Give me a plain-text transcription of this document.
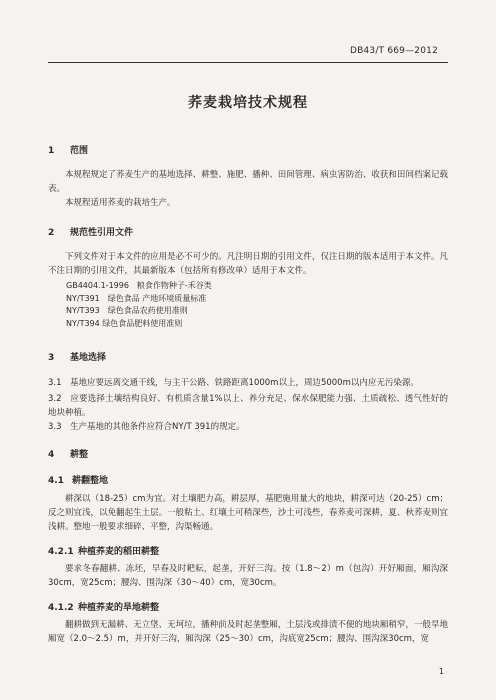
DB43/T 669—2012
荞麦栽培技术规程
1 范围
本规程规定了荞麦生产的基地选择、耕整、施肥、播种、田间管理、病虫害防治、收获和田间档案记载表。
本规程适用荞麦的栽培生产。
2 规范性引用文件
下列文件对于本文件的应用是必不可少的。凡注明日期的引用文件，仅注日期的版本适用于本文件。凡不注日期的引用文件，其最新版本（包括所有修改单）适用于本文件。
GB4404.1-1996　粮食作物种子-禾谷类
NY/T391　绿色食品 产地环境质量标准
NY/T393　绿色食品农药使用准则
NY/T394 绿色食品肥料使用准则
3 基地选择
3.1　 基地应要远离交通干线，与主干公路、铁路距离1000m以上，周边5000m以内应无污染源。
3.2　 应要选择土壤结构良好、有机质含量1%以上、养分充足、保水保肥能力强、土质疏松、透气性好的地块种植。
3.3　 生产基地的其他条件应符合NY/T 391的规定。
4 耕整
4.1 耕翻整地
耕深以（18-25）cm为宜。对土壤肥力高，耕层厚，基肥施用量大的地块，耕深可达（20-25）cm；反之则宜浅，以免翻起生土层。一般粘土、红壤土可稍深些，沙土可浅些，春荞麦可深耕，夏、秋荞麦则宜浅耕。整地一般要求细碎、平整，沟渠畅通。
4.2.1 种植荞麦的稻田耕整
要求冬春翻耕、冻坯，早春及时耙耘，起垄，开好三沟。按（1.8～2）m（包沟）开好厢面，厢沟深30cm，宽25cm；腰沟、围沟深（30～40）cm，宽30cm。
4.1.2 种植荞麦的旱地耕整
翻耕做到无漏耕、无立垡、无坷垃，播种前及时起垄整厢，土层浅或排渍不便的地块厢稍窄，一般旱地厢宽（2.0～2.5）m，并开好三沟，厢沟深（25～30）cm，沟底宽25cm；腰沟、围沟深30cm，宽
1
